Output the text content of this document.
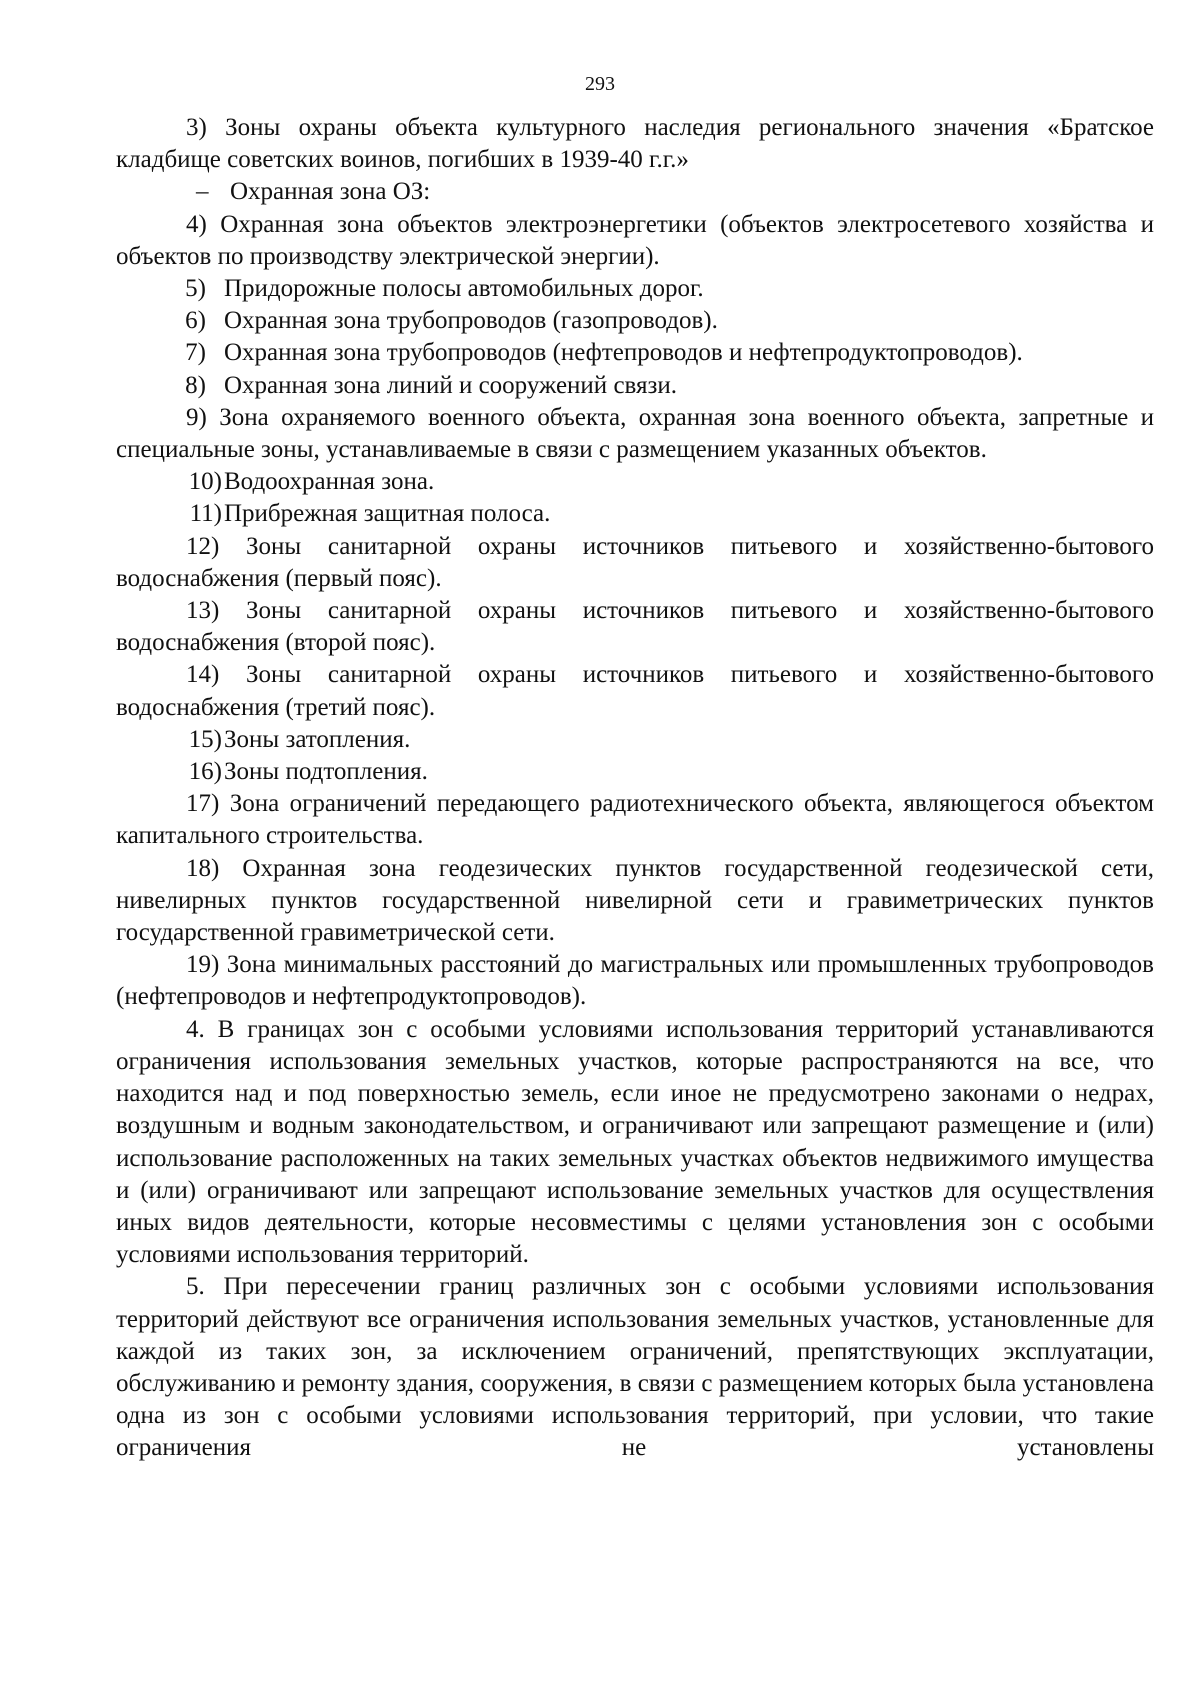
293

3) Зоны охраны объекта культурного наследия регионального значения «Братское кладбище советских воинов, погибших в 1939-40 г.г.»

– Охранная зона ОЗ:

4) Охранная зона объектов электроэнергетики (объектов электросетевого хозяйства и объектов по производству электрической энергии).

5) Придорожные полосы автомобильных дорог.
6) Охранная зона трубопроводов (газопроводов).
7) Охранная зона трубопроводов (нефтепроводов и нефтепродуктопроводов).
8) Охранная зона линий и сооружений связи.

9) Зона охраняемого военного объекта, охранная зона военного объекта, запретные и специальные зоны, устанавливаемые в связи с размещением указанных объектов.

10) Водоохранная зона.
11) Прибрежная защитная полоса.

12) Зоны санитарной охраны источников питьевого и хозяйственно-бытового водоснабжения (первый пояс).

13) Зоны санитарной охраны источников питьевого и хозяйственно-бытового водоснабжения (второй пояс).

14) Зоны санитарной охраны источников питьевого и хозяйственно-бытового водоснабжения (третий пояс).

15) Зоны затопления.
16) Зоны подтопления.

17) Зона ограничений передающего радиотехнического объекта, являющегося объектом капитального строительства.

18) Охранная зона геодезических пунктов государственной геодезической сети, нивелирных пунктов государственной нивелирной сети и гравиметрических пунктов государственной гравиметрической сети.

19) Зона минимальных расстояний до магистральных или промышленных трубопроводов (нефтепроводов и нефтепродуктопроводов).

4. В границах зон с особыми условиями использования территорий устанавливаются ограничения использования земельных участков, которые распространяются на все, что находится над и под поверхностью земель, если иное не предусмотрено законами о недрах, воздушным и водным законодательством, и ограничивают или запрещают размещение и (или) использование расположенных на таких земельных участках объектов недвижимого имущества и (или) ограничивают или запрещают использование земельных участков для осуществления иных видов деятельности, которые несовместимы с целями установления зон с особыми условиями использования территорий.

5. При пересечении границ различных зон с особыми условиями использования территорий действуют все ограничения использования земельных участков, установленные для каждой из таких зон, за исключением ограничений, препятствующих эксплуатации, обслуживанию и ремонту здания, сооружения, в связи с размещением которых была установлена одна из зон с особыми условиями использования территорий, при условии, что такие ограничения не установлены
